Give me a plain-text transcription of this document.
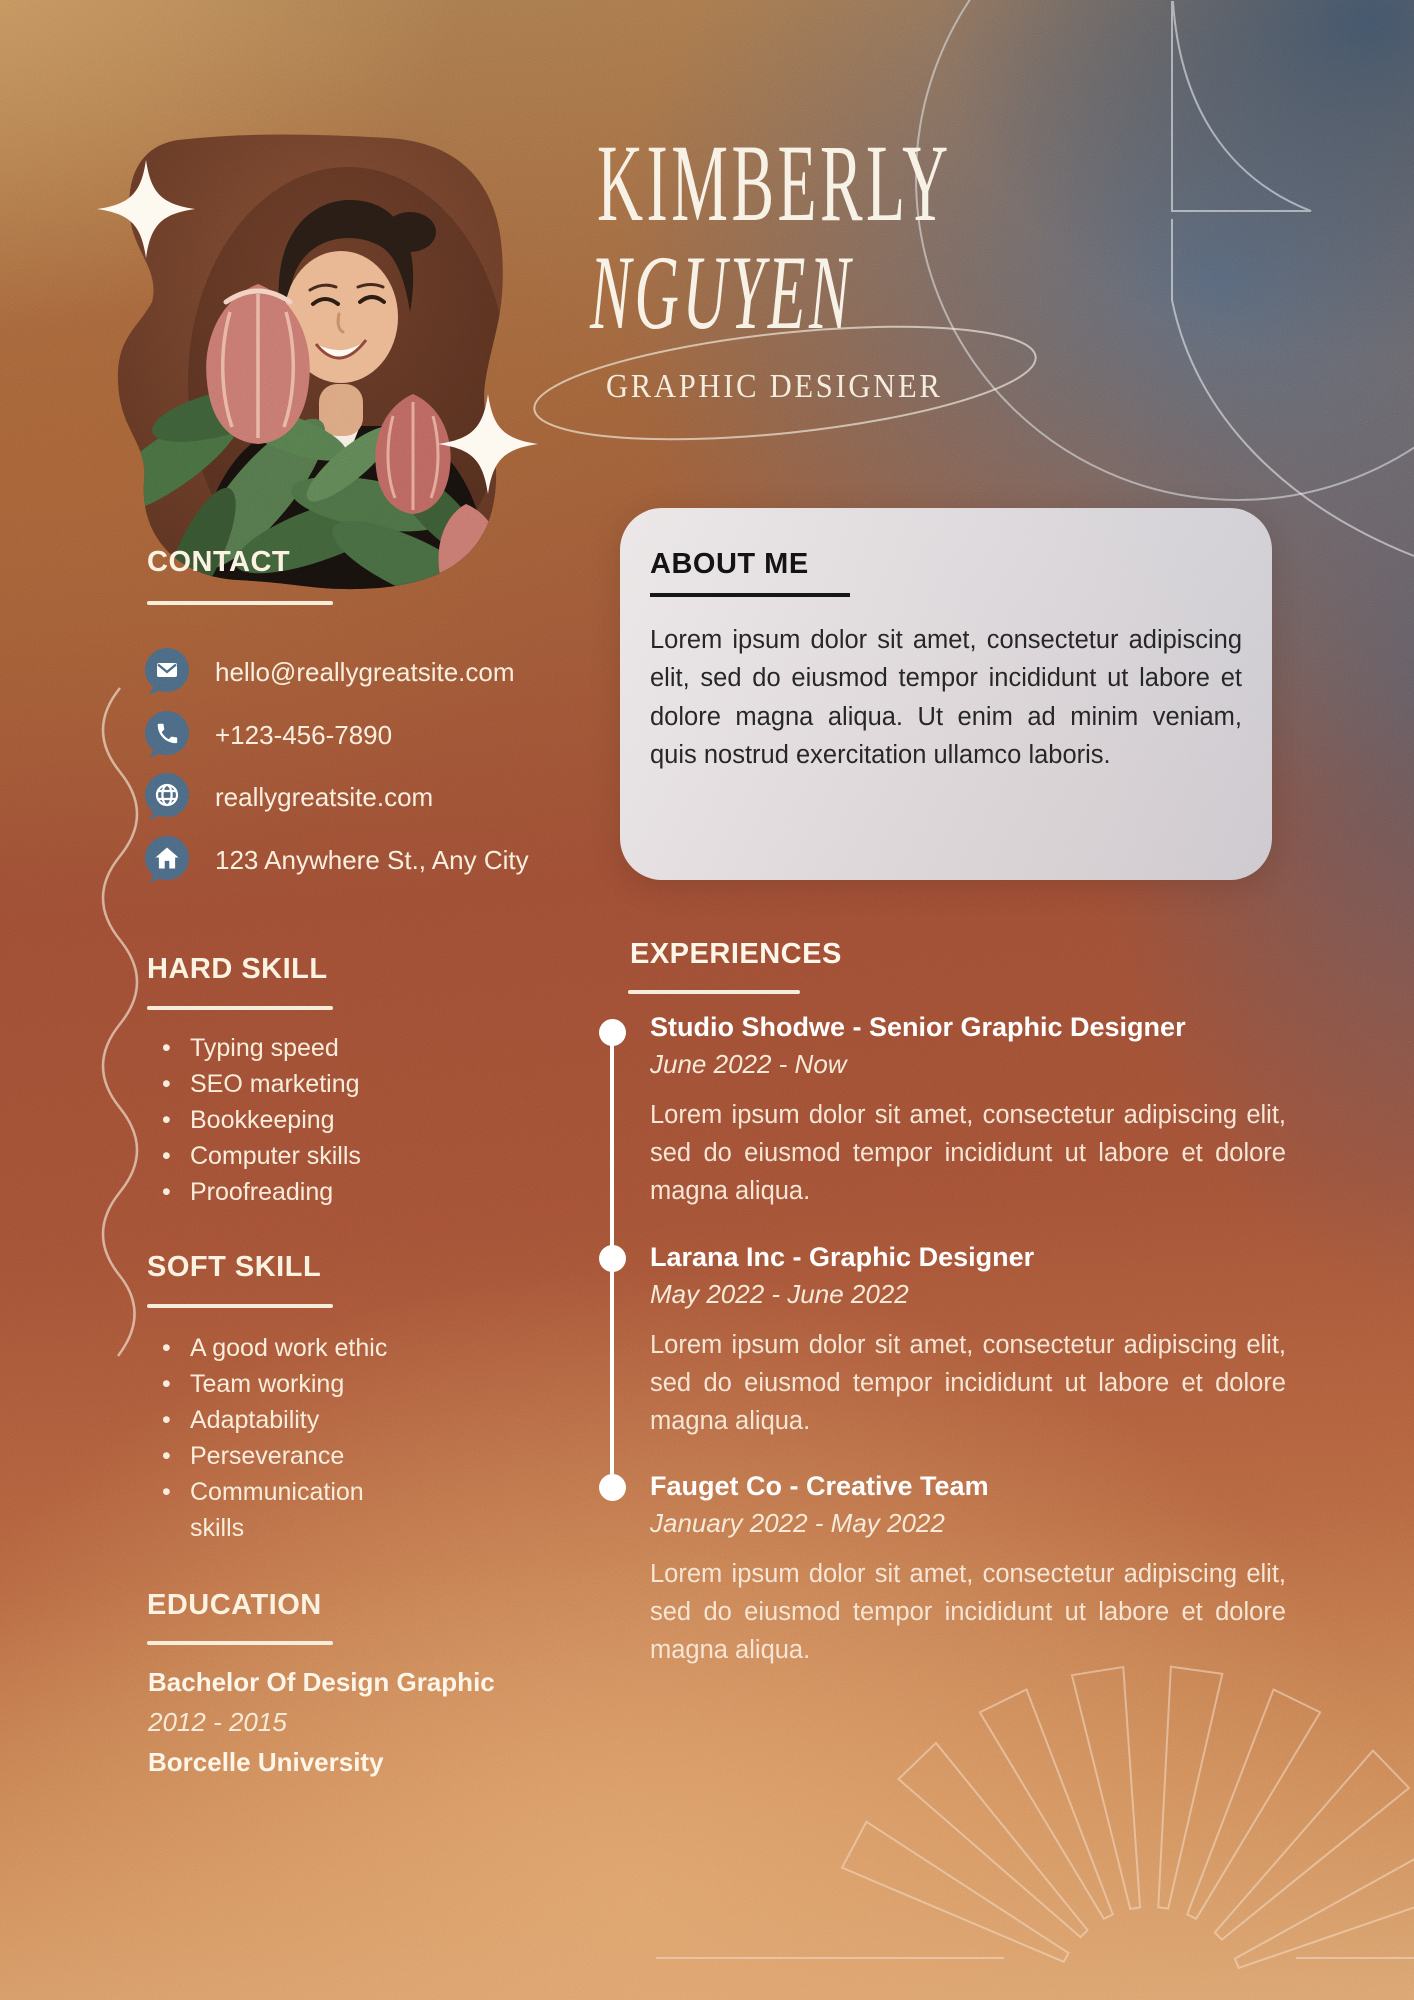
KIMBERLY
NGUYEN
GRAPHIC DESIGNER
CONTACT
hello@reallygreatsite.com
+123-456-7890
reallygreatsite.com
123 Anywhere St., Any City
HARD SKILL
• Typing speed
• SEO marketing
• Bookkeeping
• Computer skills
• Proofreading
SOFT SKILL
• A good work ethic
• Team working
• Adaptability
• Perseverance
• Communication skills
EDUCATION
Bachelor Of Design Graphic
2012 - 2015
Borcelle University
ABOUT ME
Lorem ipsum dolor sit amet, consectetur adipiscing elit, sed do eiusmod tempor incididunt ut labore et dolore magna aliqua. Ut enim ad minim veniam, quis nostrud exercitation ullamco laboris.
EXPERIENCES
Studio Shodwe - Senior Graphic Designer
June 2022 - Now
Lorem ipsum dolor sit amet, consectetur adipiscing elit, sed do eiusmod tempor incididunt ut labore et dolore magna aliqua.
Larana Inc - Graphic Designer
May 2022 - June 2022
Lorem ipsum dolor sit amet, consectetur adipiscing elit, sed do eiusmod tempor incididunt ut labore et dolore magna aliqua.
Fauget Co - Creative Team
January 2022 - May 2022
Lorem ipsum dolor sit amet, consectetur adipiscing elit, sed do eiusmod tempor incididunt ut labore et dolore magna aliqua.
